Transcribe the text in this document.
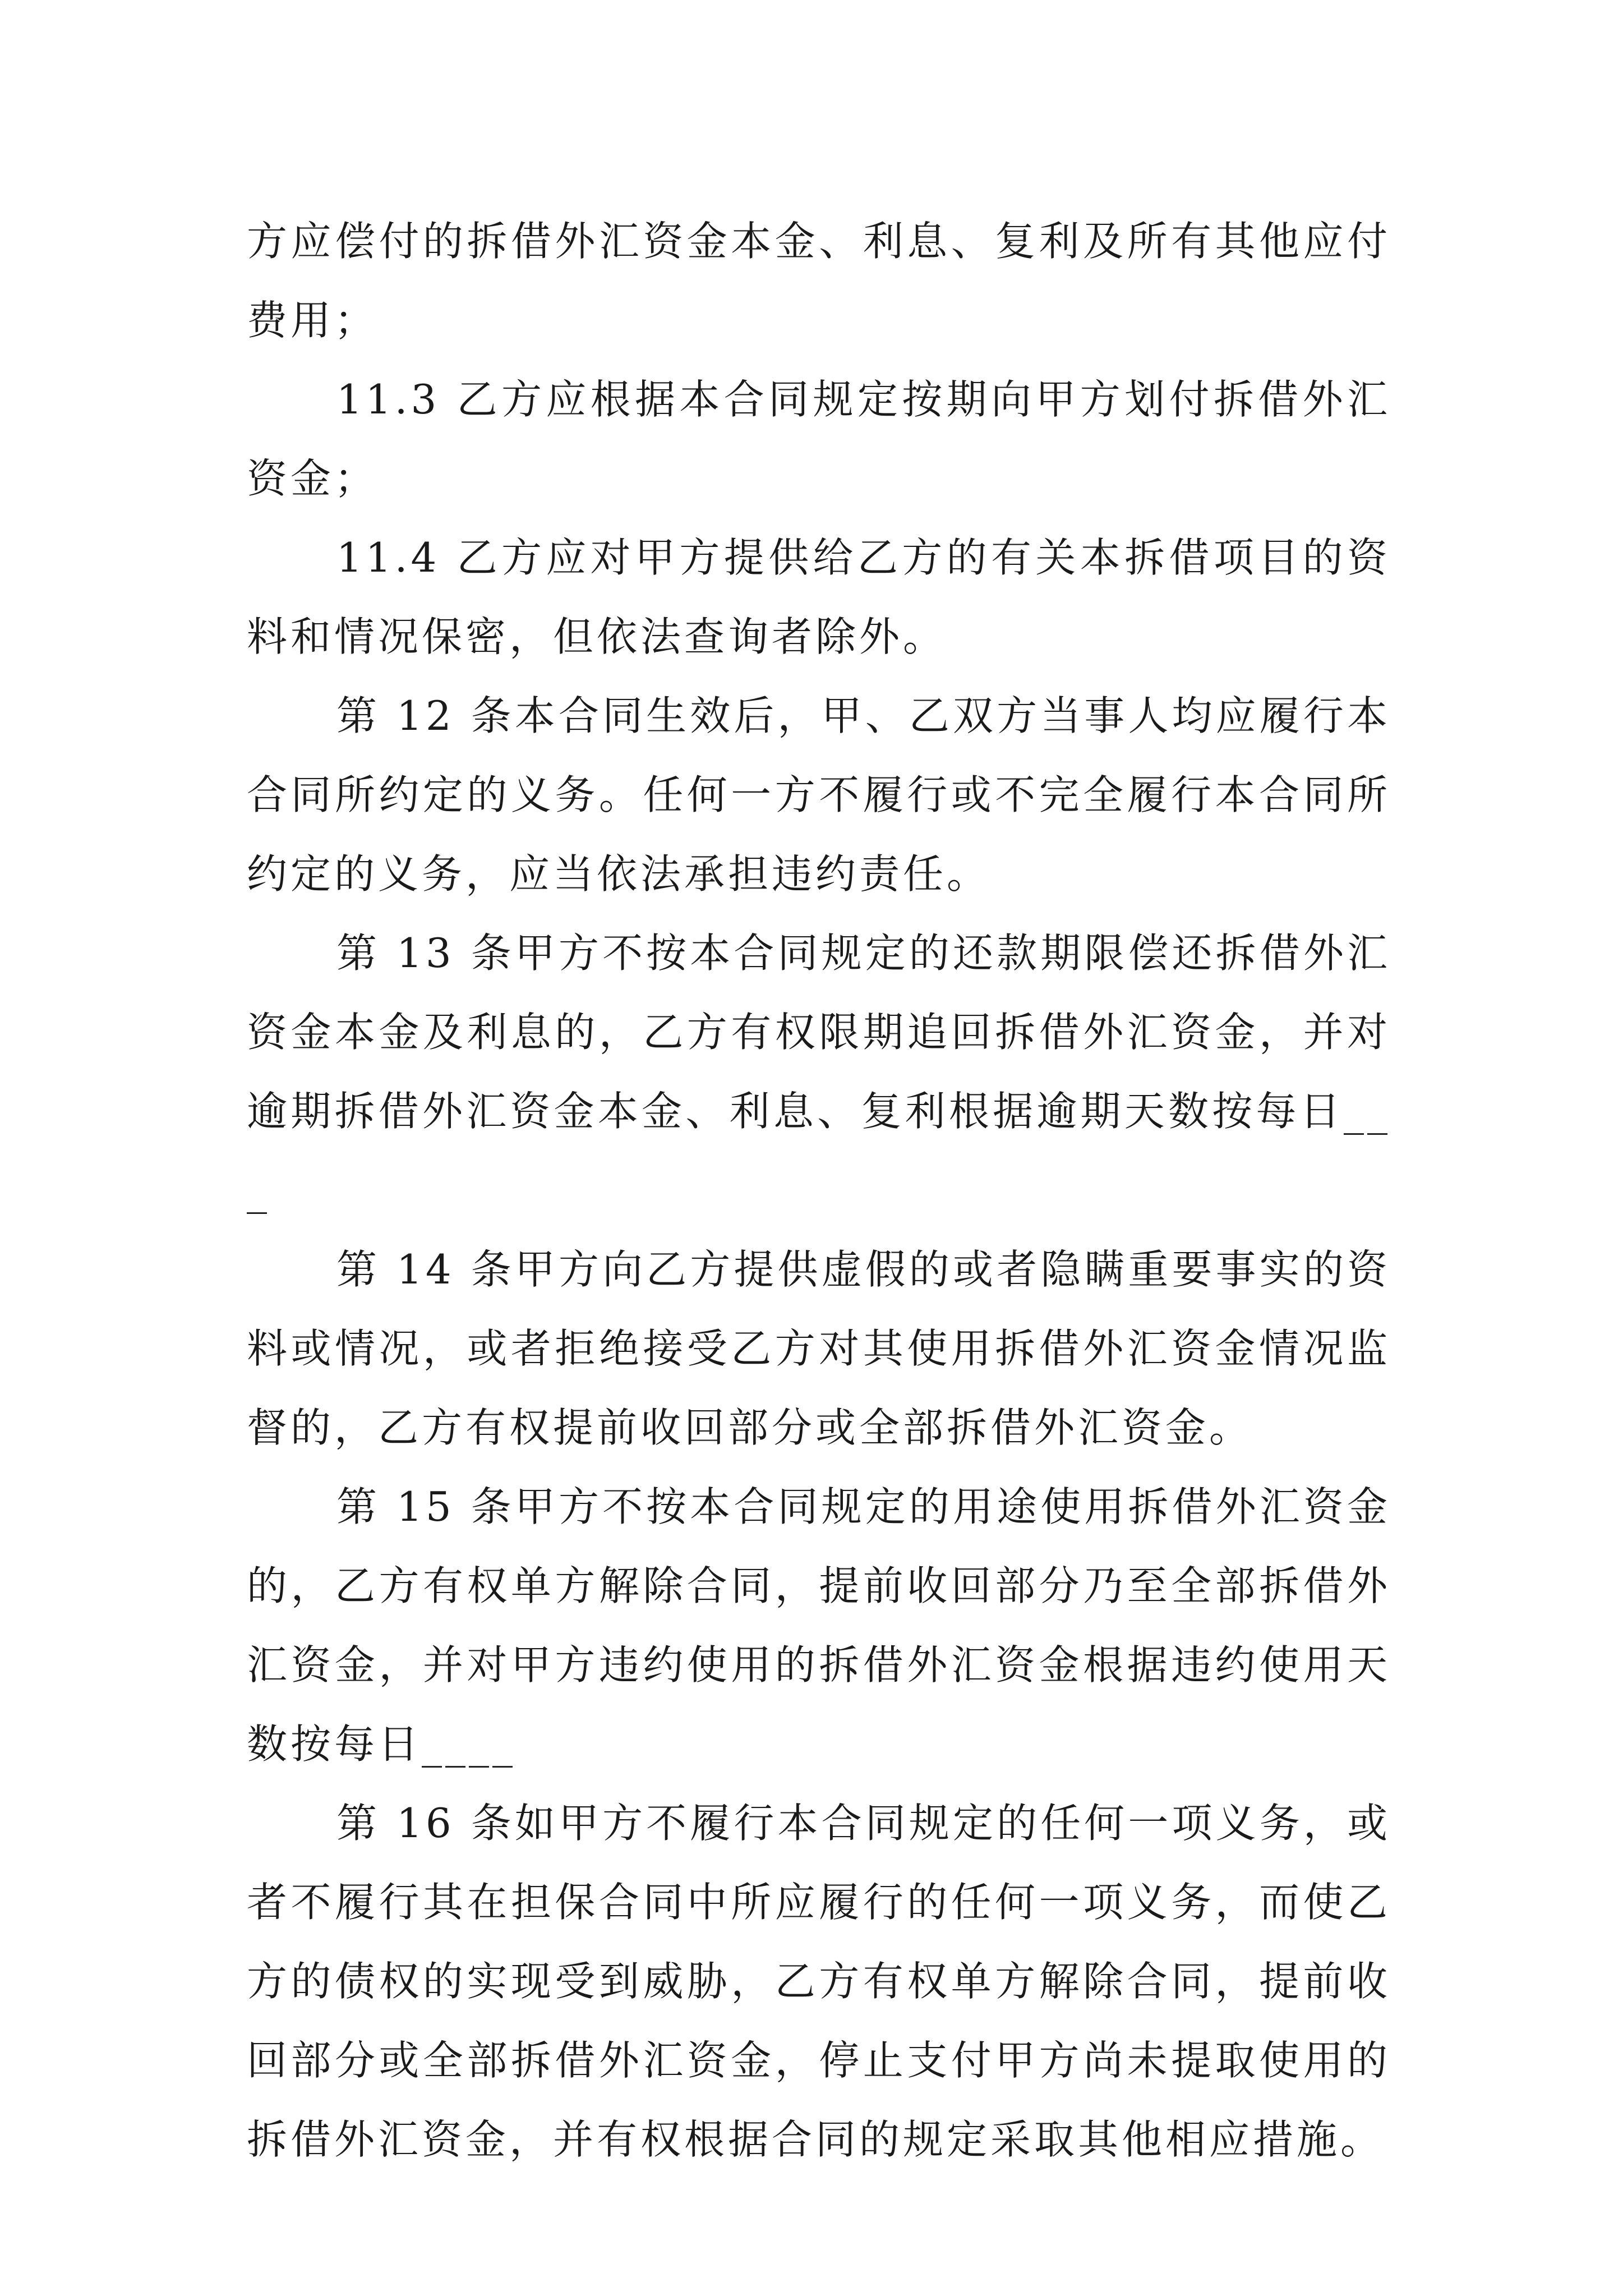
方应偿付的拆借外汇资金本金、利息、复利及所有其他应付费用；

11.3 乙方应根据本合同规定按期向甲方划付拆借外汇资金；

11.4 乙方应对甲方提供给乙方的有关本拆借项目的资料和情况保密，但依法查询者除外。

第 12 条本合同生效后，甲、乙双方当事人均应履行本合同所约定的义务。任何一方不履行或不完全履行本合同所约定的义务，应当依法承担违约责任。

第 13 条甲方不按本合同规定的还款期限偿还拆借外汇资金本金及利息的，乙方有权限期追回拆借外汇资金，并对逾期拆借外汇资金本金、利息、复利根据逾期天数按每日___

第 14 条甲方向乙方提供虚假的或者隐瞒重要事实的资料或情况，或者拒绝接受乙方对其使用拆借外汇资金情况监督的，乙方有权提前收回部分或全部拆借外汇资金。

第 15 条甲方不按本合同规定的用途使用拆借外汇资金的，乙方有权单方解除合同，提前收回部分乃至全部拆借外汇资金，并对甲方违约使用的拆借外汇资金根据违约使用天数按每日____

第 16 条如甲方不履行本合同规定的任何一项义务，或者不履行其在担保合同中所应履行的任何一项义务，而使乙方的债权的实现受到威胁，乙方有权单方解除合同，提前收回部分或全部拆借外汇资金，停止支付甲方尚未提取使用的拆借外汇资金，并有权根据合同的规定采取其他相应措施。
